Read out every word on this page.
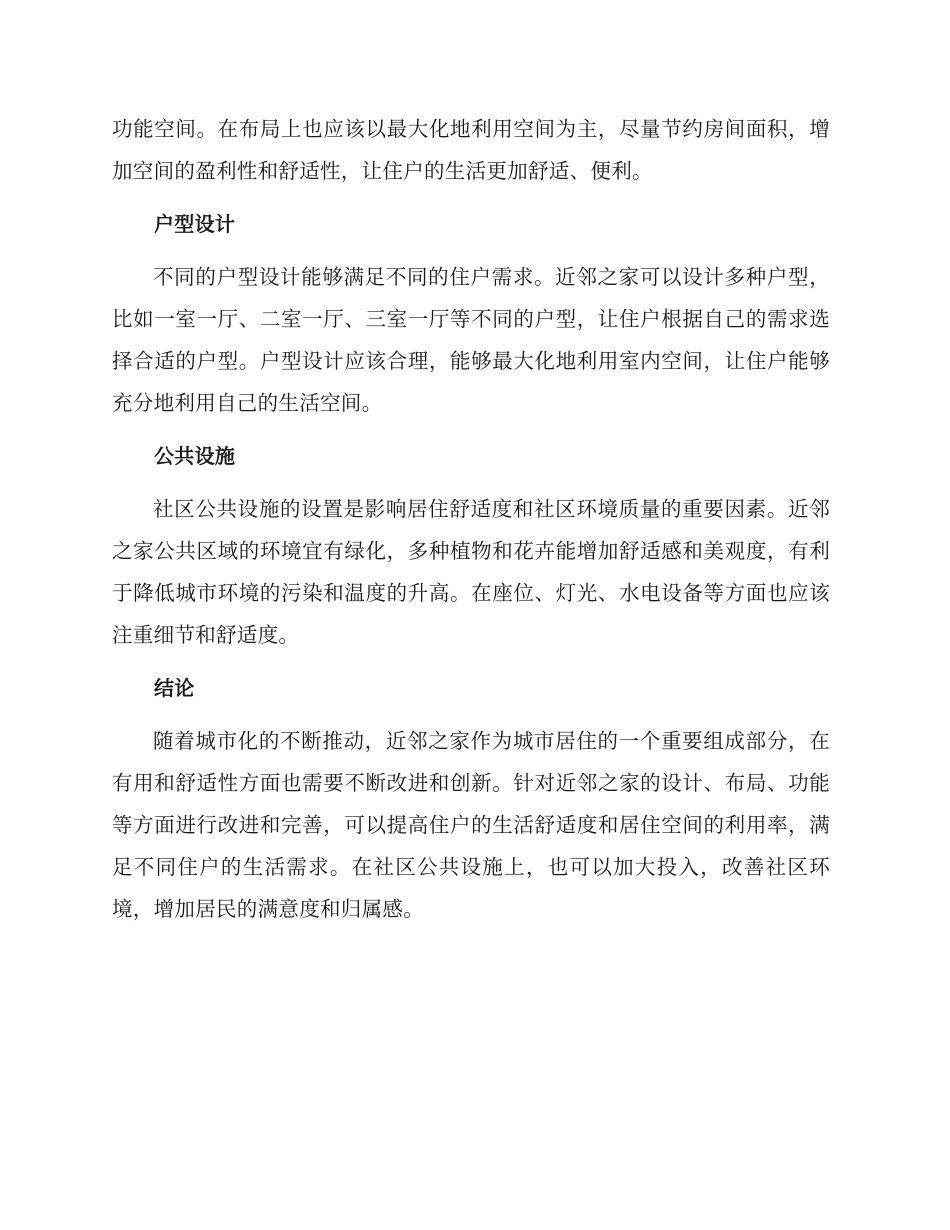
功能空间。在布局上也应该以最大化地利用空间为主，尽量节约房间面积，增加空间的盈利性和舒适性，让住户的生活更加舒适、便利。

户型设计

不同的户型设计能够满足不同的住户需求。近邻之家可以设计多种户型，比如一室一厅、二室一厅、三室一厅等不同的户型，让住户根据自己的需求选择合适的户型。户型设计应该合理，能够最大化地利用室内空间，让住户能够充分地利用自己的生活空间。

公共设施

社区公共设施的设置是影响居住舒适度和社区环境质量的重要因素。近邻之家公共区域的环境宜有绿化，多种植物和花卉能增加舒适感和美观度，有利于降低城市环境的污染和温度的升高。在座位、灯光、水电设备等方面也应该注重细节和舒适度。

结论

随着城市化的不断推动，近邻之家作为城市居住的一个重要组成部分，在有用和舒适性方面也需要不断改进和创新。针对近邻之家的设计、布局、功能等方面进行改进和完善，可以提高住户的生活舒适度和居住空间的利用率，满足不同住户的生活需求。在社区公共设施上，也可以加大投入，改善社区环境，增加居民的满意度和归属感。
